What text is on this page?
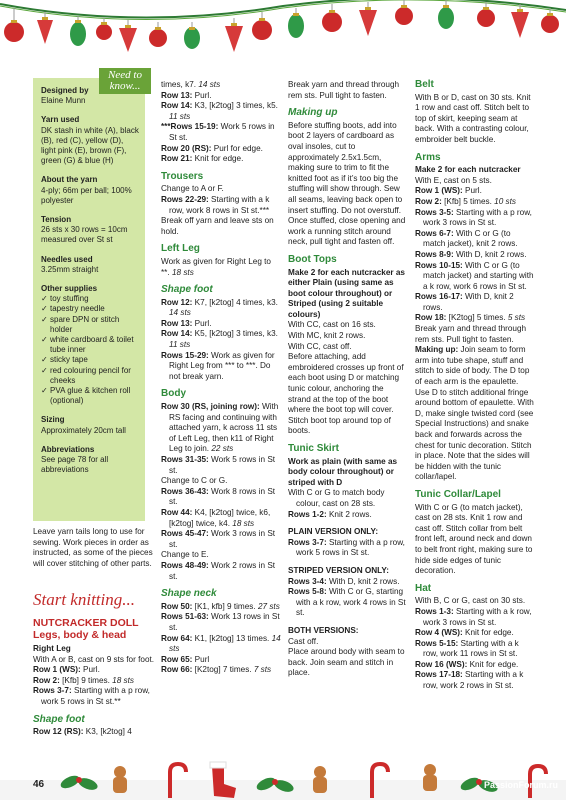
Designed by
Elaine Munn
Yarn used
DK stash in white (A), black (B), red (C), yellow (D), light pink (E), brown (F), green (G) & blue (H)
About the yarn
4-ply; 66m per ball; 100% polyester
Tension
26 sts x 30 rows = 10cm measured over St st
Needles used
3.25mm straight
Other supplies
✓ toy stuffing
✓ tapestry needle
✓ spare DPN or stitch holder
✓ white cardboard & toilet tube inner
✓ sticky tape
✓ red colouring pencil for cheeks
✓ PVA glue & kitchen roll (optional)
Sizing
Approximately 20cm tall
Abbreviations
See page 78 for all abbreviations
Need to know...

Leave yarn tails long to use for sewing. Work pieces in order as instructed, as some of the pieces will cover stitching of other parts.

Start knitting...
NUTCRACKER DOLL
Legs, body & head
Right Leg

With A or B, cast on 9 sts for foot.

Row 1 (WS): Purl.

Row 2: [Kfb] 9 times. 18 sts

Rows 3-7: Starting with a p row, work 5 rows in St st.**

Shape foot

Row 12 (RS): K3, [k2tog] 4

times, k7. 14 sts

Row 13: Purl.

Row 14: K3, [k2tog] 3 times, k5. 11 sts

***Rows 15-19: Work 5 rows in St st.

Row 20 (RS): Purl for edge.

Row 21: Knit for edge.

Trousers

Change to A or F.

Rows 22-29: Starting with a k row, work 8 rows in St st.***

Break off yarn and leave sts on hold.

Left Leg

Work as given for Right Leg to **. 18 sts

Shape foot

Row 12: K7, [k2tog] 4 times, k3. 14 sts

Row 13: Purl.

Row 14: K5, [k2tog] 3 times, k3. 11 sts

Rows 15-29: Work as given for Right Leg from *** to ***. Do not break yarn.

Body

Row 30 (RS, joining row): With RS facing and continuing with attached yarn, k across 11 sts of Left Leg, then k11 of Right Leg to join. 22 sts

Rows 31-35: Work 5 rows in St st.

Change to C or G.

Rows 36-43: Work 8 rows in St st.

Row 44: K4, [k2tog] twice, k6, [k2tog] twice, k4. 18 sts

Rows 45-47: Work 3 rows in St st.

Change to E.

Rows 48-49: Work 2 rows in St st.

Shape neck

Row 50: [K1, kfb] 9 times. 27 sts

Rows 51-63: Work 13 rows in St st.

Row 64: K1, [k2tog] 13 times. 14 sts

Row 65: Purl

Row 66: [K2tog] 7 times. 7 sts

Break yarn and thread through rem sts. Pull tight to fasten.

Making up

Before stuffing boots, add into boot 2 layers of cardboard as oval insoles, cut to approximately 2.5x1.5cm, making sure to trim to fit the knitted foot as if it’s too big the stuffing will show through. Sew all seams, leaving back open to insert stuffing. Do not overstuff. Once stuffed, close opening and work a running stitch around neck, pull tight and fasten off.

Boot Tops

Make 2 for each nutcracker as either Plain (using same as boot colour throughout) or Striped (using 2 suitable colours)

With CC, cast on 16 sts.

With MC, knit 2 rows.

With CC, cast off.

Before attaching, add embroidered crosses up front of each boot using D or matching tunic colour, anchoring the strand at the top of the boot where the boot top will cover. Stitch boot top around top of boots.

Tunic Skirt

Work as plain (with same as body colour throughout) or striped with D

With C or G to match body colour, cast on 28 sts.

Rows 1-2: Knit 2 rows.

PLAIN VERSION ONLY:

Rows 3-7: Starting with a p row, work 5 rows in St st.

STRIPED VERSION ONLY:

Rows 3-4: With D, knit 2 rows.

Rows 5-8: With C or G, starting with a k row, work 4 rows in St st.

BOTH VERSIONS:

Cast off.

Place around body with seam to back. Join seam and stitch in place.

Belt

With B or D, cast on 30 sts. Knit 1 row and cast off. Stitch belt to top of skirt, keeping seam at back. With a contrasting colour, embroider belt buckle.

Arms

Make 2 for each nutcracker

With E, cast on 5 sts.

Row 1 (WS): Purl.

Row 2: [Kfb] 5 times. 10 sts

Rows 3-5: Starting with a p row, work 3 rows in St st.

Rows 6-7: With C or G (to match jacket), knit 2 rows.

Rows 8-9: With D, knit 2 rows.

Rows 10-15: With C or G (to match jacket) and starting with a k row, work 6 rows in St st.

Rows 16-17: With D, knit 2 rows.

Row 18: [K2tog] 5 times. 5 sts

Break yarn and thread through rem sts. Pull tight to fasten.

Making up: Join seam to form arm into tube shape, stuff and stitch to side of body. The D top of each arm is the epaulette. Use D to stitch additional fringe around bottom of epaulette. With D, make single twisted cord (see Special Instructions) and snake back and forwards across the chest for tunic decoration. Stitch in place. Note that the sides will be hidden with the tunic collar/lapel.

Tunic Collar/Lapel

With C or G (to match jacket), cast on 28 sts. Knit 1 row and cast off. Stitch collar from belt front left, around neck and down to belt front right, making sure to hide side edges of tunic decoration.

Hat

With B, C or G, cast on 30 sts.

Rows 1-3: Starting with a k row, work 3 rows in St st.

Row 4 (WS): Knit for edge.

Rows 5-15: Starting with a k row, work 11 rows in St st.

Row 16 (WS): Knit for edge.

Rows 17-18: Starting with a k row, work 2 rows in St st.

46	PassionForum.ru
